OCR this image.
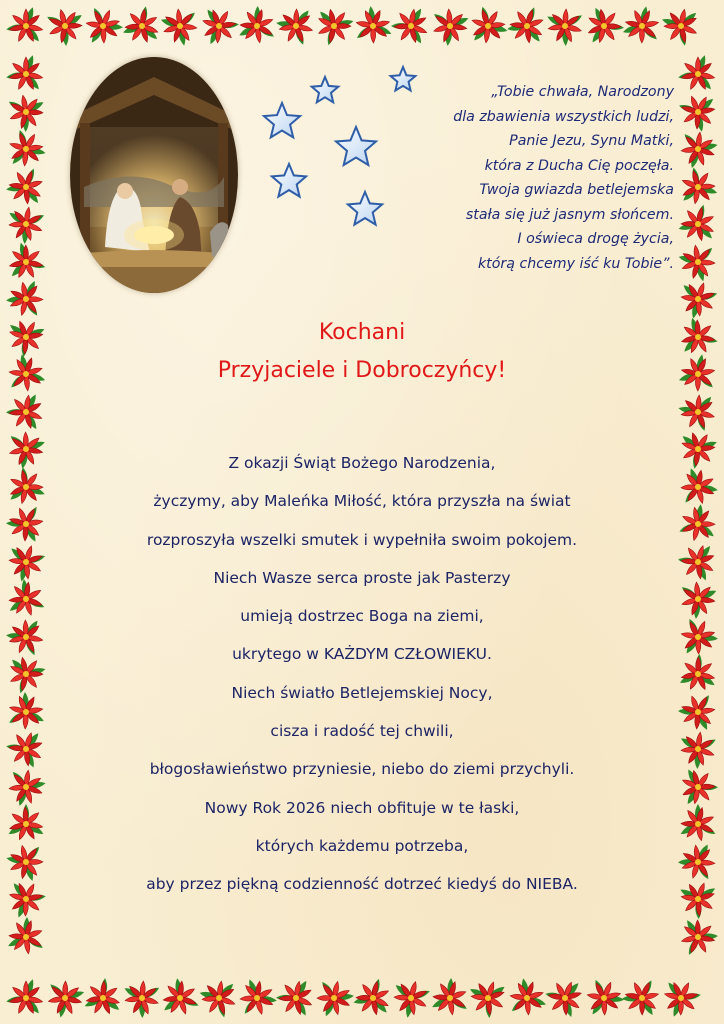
„Tobie chwała, Narodzony
dla zbawienia wszystkich ludzi,
Panie Jezu, Synu Matki,
która z Ducha Cię poczęła.
Twoja gwiazda betlejemska
stała się już jasnym słońcem.
I oświeca drogę życia,
którą chcemy iść ku Tobie”.
Kochani
Przyjaciele i Dobroczyńcy!
Z okazji Świąt Bożego Narodzenia,
życzymy, aby Maleńka Miłość, która przyszła na świat
rozproszyła wszelki smutek i wypełniła swoim pokojem.
Niech Wasze serca proste jak Pasterzy
umieją dostrzec Boga na ziemi,
ukrytego w KAŻDYM CZŁOWIEKU.
Niech światło Betlejemskiej Nocy,
cisza i radość tej chwili,
błogosławieństwo przyniesie, niebo do ziemi przychyli.
Nowy Rok 2026 niech obfituje w te łaski,
których każdemu potrzeba,
aby przez piękną codzienność dotrzeć kiedyś do NIEBA.
